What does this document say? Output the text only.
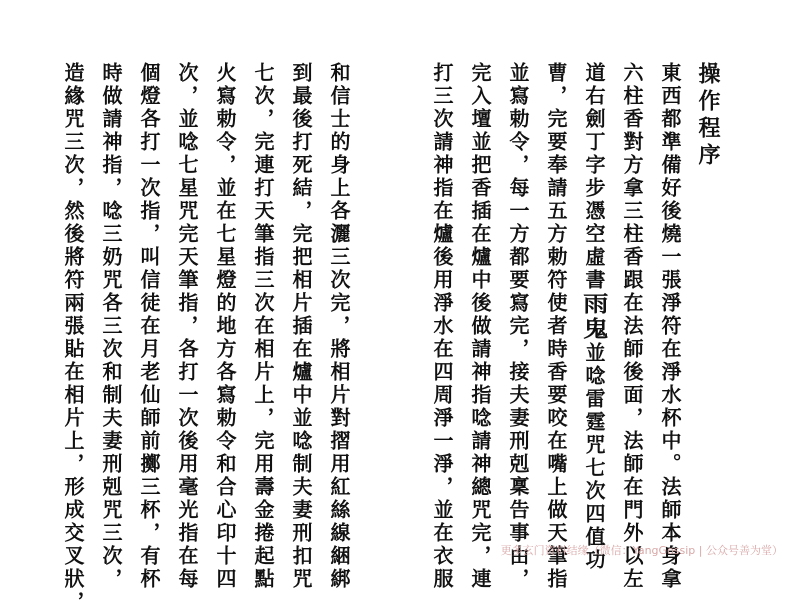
和信士的身上各灑三次完，將相片對摺用紅絲線綑綁
到最後打死結，完把相片插在爐中並唸制夫妻刑扣咒
七次，完連打天筆指三次在相片上，完用壽金捲起點
火寫勅令，並在七星燈的地方各寫勅令和合心印十四
次，並唸七星咒完天筆指，各打一次後用毫光指在每
個燈各打一次指，叫信徒在月老仙師前擲三杯，有杯
時做請神指，唸三奶咒各三次和制夫妻刑剋咒三次，
造緣咒三次，然後將符兩張貼在相片上，形成交叉狀，	操作程序
東西都準備好後燒一張淨符在淨水杯中。法師本身拿
六柱香對方拿三柱香跟在法師後面，法師在門外以左
道右劍丁字步憑空虛書雨鬼並唸雷霆咒七次四值功
曹，完要奉請五方勅符使者時香要咬在嘴上做天筆指
並寫勅令，每一方都要寫完，接夫妻刑剋稟告事由，
完入壇並把香插在爐中後做請神指唸請神總咒完，連
打三次請神指在爐後用淨水在四周淨一淨，並在衣服	更多玄门资料结缘（微信：YangGossip | 公众号善为堂）
